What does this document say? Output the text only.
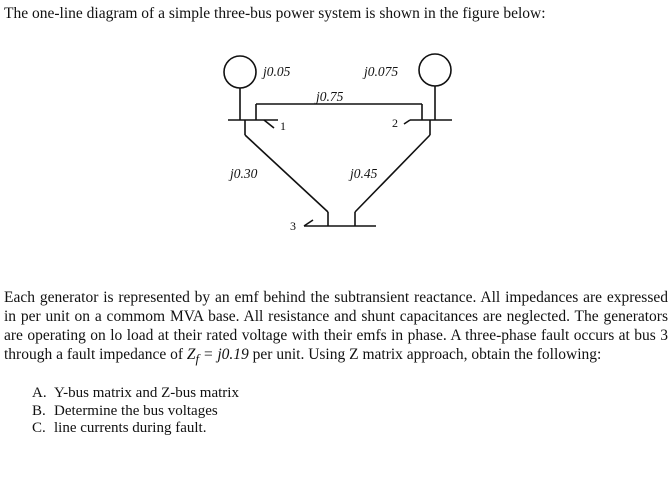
The one-line diagram of a simple three-bus power system is shown in the figure below:
j0.05	j0.075
j0.75
j0.30	j0.45
1	2
3

Each generator is represented by an emf behind the subtransient reactance. All impedances are expressed in per unit on a commom MVA base. All resistance and shunt capacitances are neglected. The generators are operating on lo load at their rated voltage with their emfs in phase. A three-phase fault occurs at bus 3 through a fault impedance of $Z_f = j0.19$ per unit. Using Z matrix approach, obtain the following:

A. Y-bus matrix and Z-bus matrix
B. Determine the bus voltages
C. line currents during fault.
